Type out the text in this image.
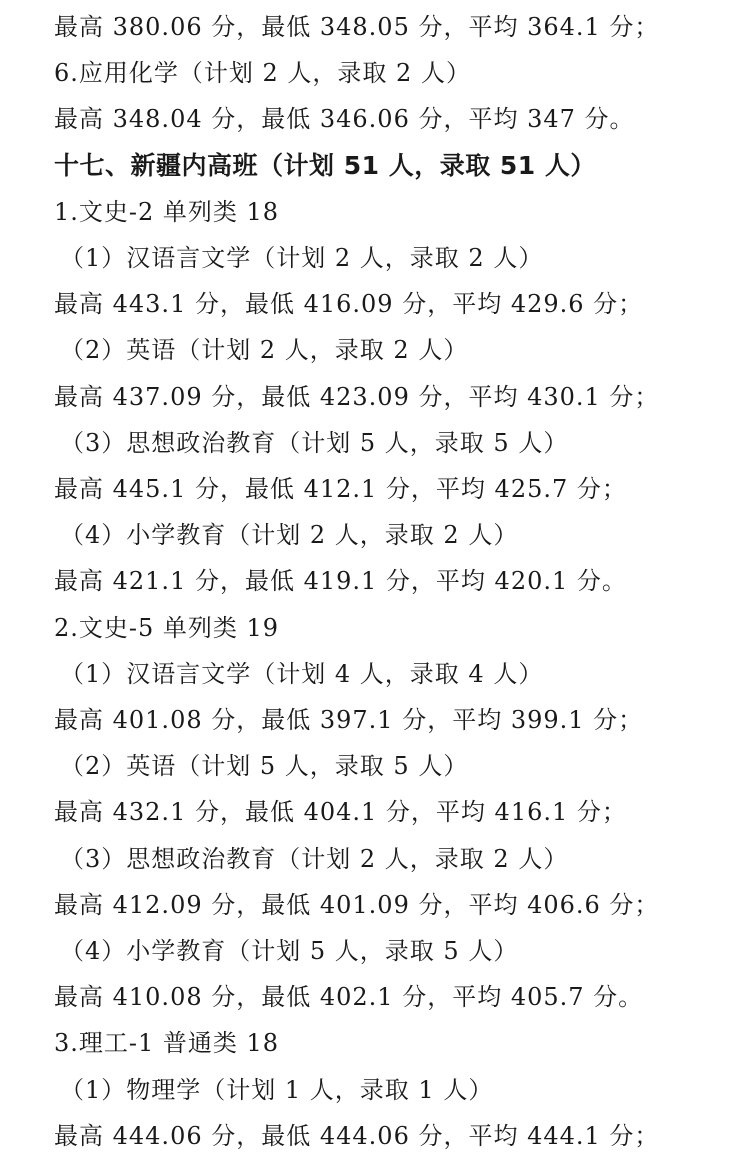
最高 380.06 分，最低 348.05 分，平均 364.1 分；
6.应用化学（计划 2 人，录取 2 人）
最高 348.04 分，最低 346.06 分，平均 347 分。
十七、新疆内高班（计划 51 人，录取 51 人）
1.文史-2 单列类 18
（1）汉语言文学（计划 2 人，录取 2 人）
最高 443.1 分，最低 416.09 分，平均 429.6 分；
（2）英语（计划 2 人，录取 2 人）
最高 437.09 分，最低 423.09 分，平均 430.1 分；
（3）思想政治教育（计划 5 人，录取 5 人）
最高 445.1 分，最低 412.1 分，平均 425.7 分；
（4）小学教育（计划 2 人，录取 2 人）
最高 421.1 分，最低 419.1 分，平均 420.1 分。
2.文史-5 单列类 19
（1）汉语言文学（计划 4 人，录取 4 人）
最高 401.08 分，最低 397.1 分，平均 399.1 分；
（2）英语（计划 5 人，录取 5 人）
最高 432.1 分，最低 404.1 分，平均 416.1 分；
（3）思想政治教育（计划 2 人，录取 2 人）
最高 412.09 分，最低 401.09 分，平均 406.6 分；
（4）小学教育（计划 5 人，录取 5 人）
最高 410.08 分，最低 402.1 分，平均 405.7 分。
3.理工-1 普通类 18
（1）物理学（计划 1 人，录取 1 人）
最高 444.06 分，最低 444.06 分，平均 444.1 分；
